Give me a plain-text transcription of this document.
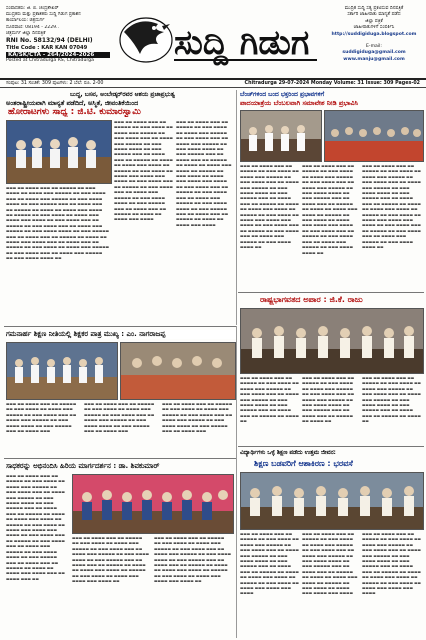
ಸಂಪಾದಕರು: ಜಿ. ಬಿ. ಚಂದ್ರಶೇಖರ್
ಮುದ್ರಕರು ಮತ್ತು ಪ್ರಕಾಶಕರು ಸುದ್ದಿ ಗಿಡುಗ ಪ್ರಕಾಶನ
ಕಾರ್ಯಾಲಯ: ಚಿತ್ರದುರ್ಗ
ದೂರವಾಣಿ: 08194 - 2229..
ಚಿತ್ರದುರ್ಗ ಜಿಲ್ಲಾ ದಿನಪತ್ರಿಕೆ
RNI No. 58132/94 (DELHI)
Title Code : KAR KAN 07049
KA/SK/CTA - 264/2024-2026
Posted at Chitradurga RS, Chitradurga	ಸುದ್ದಿ ಗಿಡುಗ
ಮುದ್ರಿತ ಸುದ್ದಿ ಸತ್ಯ ಪ್ರಕಟಿಸುವ ದಿನಪತ್ರಿಕೆ
ಸರ್ಕಾರಿ ಜಾಹೀರಾತು ಮಾನ್ಯತೆ ಪಡೆದ
ಜಿಲ್ಲಾ ಪತ್ರಿಕೆ
ಜಾಹೀರಾತುಗಳಿಗೆ ಸಂಪರ್ಕಿಸಿ
http://suddigiduga.blogspot.com
E-mail:
suddigiduga@gmail.com
www.manju@gmail.com
ಸಂಪುಟ: 31 ಸಂಚಿಕೆ: 309 ಪುಟಗಳು: 2 ಬೆಲೆ: ರೂ. 2-00	Chitradurga 29-07-2024 Monday Volume: 31 Issue: 309 Pages-02
ಬುದ್ಧ, ಬಸವ, ಅಂಬೇಡ್ಕರ್‌ರವರ ಆಶಯ ಪ್ರಜಾಪ್ರಭುತ್ವ
ಅಂತರಾಷ್ಟ್ರೀಯವಾಗಿ ಮಾನ್ಯತೆ ಪಡೆದಿದೆ, ಅಸ್ಮಿತೆ, ಜೀವಂತಿಕೆಯಿಂದ
ಹೋರಾಟಗಳು ಸಾಧ್ಯ : ಜಿ.ಟಿ. ಕುಮಾರಸ್ವಾಮಿ
▬▬▬ ▬▬ ▬▬▬▬ ▬▬▬ ▬▬ ▬▬▬▬▬ ▬▬ ▬▬▬ ▬▬▬▬ ▬▬ ▬▬▬▬ ▬▬▬ ▬▬▬▬▬ ▬▬ ▬▬▬ ▬▬▬▬ ▬▬▬ ▬▬ ▬▬▬▬ ▬▬▬ ▬▬▬▬▬ ▬▬ ▬▬▬ ▬▬▬▬ ▬▬▬▬ ▬▬ ▬▬▬ ▬▬▬▬▬ ▬▬▬ ▬▬ ▬▬▬▬ ▬▬▬ ▬▬ ▬▬▬▬▬ ▬▬ ▬▬▬▬ ▬▬ ▬▬▬▬ ▬▬▬ ▬▬▬▬ ▬▬ ▬▬▬▬▬ ▬▬ ▬▬▬ ▬▬▬▬ ▬▬ ▬▬▬▬ ▬▬▬ ▬▬▬▬ ▬▬▬ ▬▬▬▬ ▬▬ ▬▬▬ ▬▬▬▬ ▬▬▬ ▬▬ ▬▬▬▬▬ ▬▬ ▬▬▬ ▬▬▬▬ ▬▬▬ ▬▬ ▬▬▬▬ ▬▬▬ ▬▬▬▬▬ ▬▬ ▬▬▬ ▬▬▬▬ ▬▬▬▬ ▬▬ ▬▬▬ ▬▬▬▬▬ ▬▬▬ ▬▬ ▬▬▬▬ ▬▬▬ ▬▬ ▬▬▬▬▬ ▬▬ ▬▬▬▬ ▬▬ ▬▬▬▬ ▬▬▬ ▬▬▬▬
▬▬▬ ▬▬ ▬▬▬▬ ▬▬▬ ▬▬ ▬▬▬▬▬ ▬▬ ▬▬▬ ▬▬▬▬ ▬▬ ▬▬▬▬ ▬▬▬ ▬▬▬▬▬ ▬▬ ▬▬▬ ▬▬▬▬ ▬▬▬ ▬▬ ▬▬▬▬ ▬▬▬ ▬▬▬▬▬ ▬▬ ▬▬▬ ▬▬▬▬ ▬▬▬▬ ▬▬ ▬▬▬ ▬▬▬▬▬ ▬▬▬ ▬▬ ▬▬▬▬ ▬▬▬ ▬▬ ▬▬▬▬▬ ▬▬ ▬▬▬▬ ▬▬ ▬▬▬▬ ▬▬▬ ▬▬▬▬ ▬▬ ▬▬▬▬▬ ▬▬ ▬▬▬ ▬▬▬▬ ▬▬ ▬▬▬▬ ▬▬▬ ▬▬▬▬ ▬▬▬ ▬▬▬▬ ▬▬ ▬▬▬ ▬▬▬▬ ▬▬▬ ▬▬ ▬▬▬▬▬ ▬▬ ▬▬▬ ▬▬▬▬ ▬▬▬ ▬▬ ▬▬▬▬ ▬▬▬ ▬▬▬▬▬ ▬▬ ▬▬▬ ▬▬▬▬ ▬▬▬▬ ▬▬ ▬▬▬ ▬▬▬▬▬ ▬▬▬ ▬▬ ▬▬▬▬ ▬▬▬ ▬▬ ▬▬▬▬▬ ▬▬ ▬▬▬▬ ▬▬ ▬▬▬▬ ▬▬▬ ▬▬▬▬
▬▬▬ ▬▬ ▬▬▬▬ ▬▬▬ ▬▬ ▬▬▬▬▬ ▬▬ ▬▬▬ ▬▬▬▬ ▬▬ ▬▬▬▬ ▬▬▬ ▬▬▬▬▬ ▬▬ ▬▬▬ ▬▬▬▬ ▬▬▬ ▬▬ ▬▬▬▬ ▬▬▬ ▬▬▬▬▬ ▬▬ ▬▬▬ ▬▬▬▬ ▬▬▬▬ ▬▬ ▬▬▬ ▬▬▬▬▬ ▬▬▬ ▬▬ ▬▬▬▬ ▬▬▬ ▬▬ ▬▬▬▬▬ ▬▬ ▬▬▬▬ ▬▬ ▬▬▬▬ ▬▬▬ ▬▬▬▬ ▬▬ ▬▬▬▬▬ ▬▬ ▬▬▬ ▬▬▬▬ ▬▬ ▬▬▬▬ ▬▬▬ ▬▬▬▬ ▬▬▬ ▬▬▬▬ ▬▬ ▬▬▬ ▬▬▬▬ ▬▬▬ ▬▬ ▬▬▬▬▬ ▬▬ ▬▬▬ ▬▬▬▬ ▬▬▬ ▬▬ ▬▬▬▬ ▬▬▬ ▬▬▬▬▬ ▬▬ ▬▬▬ ▬▬▬▬ ▬▬▬▬ ▬▬ ▬▬▬ ▬▬▬▬▬ ▬▬▬ ▬▬ ▬▬▬▬ ▬▬▬ ▬▬ ▬▬▬▬▬ ▬▬ ▬▬▬▬ ▬▬ ▬▬▬▬ ▬▬▬ ▬▬▬▬ ▬▬▬ ▬▬ ▬▬▬▬ ▬▬▬ ▬▬ ▬▬▬▬▬ ▬▬ ▬▬▬ ▬▬▬▬ ▬▬ ▬▬▬▬ ▬▬▬ ▬▬▬▬▬ ▬▬ ▬▬▬ ▬▬▬▬ ▬▬▬ ▬▬ ▬▬▬▬ ▬▬▬ ▬▬▬▬▬ ▬▬ ▬▬▬ ▬▬▬▬ ▬▬▬▬ ▬▬
ಬೆಂಚ್‌ಗಳಿಂದ ಬಂದ ಭಕ್ತರಿಂದ ಪ್ರಭಾವಗಳಿಗೆ
ಪಾದಯಾತ್ರೆಯ ಬೆಂಬಲವಾಗಿ ಸಮಾವೇಶ ನೀಡಿ ಪ್ರಭಾವಿಸಿ
▬▬▬ ▬▬ ▬▬▬▬ ▬▬▬ ▬▬ ▬▬▬▬▬ ▬▬ ▬▬▬ ▬▬▬▬ ▬▬ ▬▬▬▬ ▬▬▬ ▬▬▬▬▬ ▬▬ ▬▬▬ ▬▬▬▬ ▬▬▬ ▬▬ ▬▬▬▬ ▬▬▬ ▬▬▬▬▬ ▬▬ ▬▬▬ ▬▬▬▬ ▬▬▬▬ ▬▬ ▬▬▬ ▬▬▬▬▬ ▬▬▬ ▬▬ ▬▬▬▬ ▬▬▬ ▬▬ ▬▬▬▬▬ ▬▬ ▬▬▬▬ ▬▬ ▬▬▬▬ ▬▬▬ ▬▬▬▬ ▬▬ ▬▬▬▬▬ ▬▬ ▬▬▬ ▬▬▬▬ ▬▬ ▬▬▬▬ ▬▬▬ ▬▬▬▬ ▬▬▬ ▬▬▬▬ ▬▬ ▬▬▬ ▬▬▬▬ ▬▬▬ ▬▬ ▬▬▬▬▬ ▬▬ ▬▬▬ ▬▬▬▬ ▬▬▬ ▬▬ ▬▬▬▬ ▬▬▬ ▬▬▬▬▬ ▬▬ ▬▬▬ ▬▬▬▬ ▬▬▬▬ ▬▬
▬▬▬ ▬▬ ▬▬▬▬ ▬▬▬ ▬▬ ▬▬▬▬▬ ▬▬ ▬▬▬ ▬▬▬▬ ▬▬ ▬▬▬▬ ▬▬▬ ▬▬▬▬▬ ▬▬ ▬▬▬ ▬▬▬▬ ▬▬▬ ▬▬ ▬▬▬▬ ▬▬▬ ▬▬▬▬▬ ▬▬ ▬▬▬ ▬▬▬▬ ▬▬▬▬ ▬▬ ▬▬▬ ▬▬▬▬▬ ▬▬▬ ▬▬ ▬▬▬▬ ▬▬▬ ▬▬ ▬▬▬▬▬ ▬▬ ▬▬▬▬ ▬▬ ▬▬▬▬ ▬▬▬ ▬▬▬▬ ▬▬ ▬▬▬▬▬ ▬▬ ▬▬▬ ▬▬▬▬ ▬▬ ▬▬▬▬ ▬▬▬ ▬▬▬▬ ▬▬▬ ▬▬▬▬ ▬▬ ▬▬▬ ▬▬▬▬ ▬▬▬ ▬▬ ▬▬▬▬▬ ▬▬ ▬▬▬ ▬▬▬▬ ▬▬▬ ▬▬ ▬▬▬▬ ▬▬▬ ▬▬▬▬▬ ▬▬ ▬▬▬ ▬▬▬▬ ▬▬▬▬ ▬▬
▬▬▬ ▬▬ ▬▬▬▬ ▬▬▬ ▬▬ ▬▬▬▬▬ ▬▬ ▬▬▬ ▬▬▬▬ ▬▬ ▬▬▬▬ ▬▬▬ ▬▬▬▬▬ ▬▬ ▬▬▬ ▬▬▬▬ ▬▬▬ ▬▬ ▬▬▬▬ ▬▬▬ ▬▬▬▬▬ ▬▬ ▬▬▬ ▬▬▬▬ ▬▬▬▬ ▬▬ ▬▬▬ ▬▬▬▬▬ ▬▬▬ ▬▬ ▬▬▬▬ ▬▬▬ ▬▬ ▬▬▬▬▬ ▬▬ ▬▬▬▬ ▬▬ ▬▬▬▬ ▬▬▬ ▬▬▬▬ ▬▬ ▬▬▬▬▬ ▬▬ ▬▬▬ ▬▬▬▬ ▬▬ ▬▬▬▬ ▬▬▬ ▬▬▬▬ ▬▬▬ ▬▬▬▬ ▬▬ ▬▬▬ ▬▬▬▬ ▬▬▬ ▬▬ ▬▬▬▬▬ ▬▬ ▬▬▬ ▬▬▬▬ ▬▬▬ ▬▬ ▬▬▬▬ ▬▬▬ ▬▬▬▬▬ ▬▬ ▬▬▬ ▬▬▬▬ ▬▬▬▬ ▬▬
ರಾಷ್ಟ್ರಭಾಗವತದ ಅಪಾರ : ಜಿ.ಕೆ. ರಾಜು
▬▬▬ ▬▬ ▬▬▬▬ ▬▬▬ ▬▬ ▬▬▬▬▬ ▬▬ ▬▬▬ ▬▬▬▬ ▬▬ ▬▬▬▬ ▬▬▬ ▬▬▬▬▬ ▬▬ ▬▬▬ ▬▬▬▬ ▬▬▬ ▬▬ ▬▬▬▬ ▬▬▬ ▬▬▬▬▬ ▬▬ ▬▬▬ ▬▬▬▬ ▬▬▬▬ ▬▬ ▬▬▬ ▬▬▬▬▬ ▬▬▬ ▬▬ ▬▬▬▬ ▬▬▬ ▬▬ ▬▬▬▬▬ ▬▬ ▬▬▬▬ ▬▬
▬▬▬ ▬▬ ▬▬▬▬ ▬▬▬ ▬▬ ▬▬▬▬▬ ▬▬ ▬▬▬ ▬▬▬▬ ▬▬ ▬▬▬▬ ▬▬▬ ▬▬▬▬▬ ▬▬ ▬▬▬ ▬▬▬▬ ▬▬▬ ▬▬ ▬▬▬▬ ▬▬▬ ▬▬▬▬▬ ▬▬ ▬▬▬ ▬▬▬▬ ▬▬▬▬ ▬▬ ▬▬▬ ▬▬▬▬▬ ▬▬▬ ▬▬ ▬▬▬▬ ▬▬▬ ▬▬ ▬▬▬▬▬ ▬▬ ▬▬▬▬ ▬▬
▬▬▬ ▬▬ ▬▬▬▬ ▬▬▬ ▬▬ ▬▬▬▬▬ ▬▬ ▬▬▬ ▬▬▬▬ ▬▬ ▬▬▬▬ ▬▬▬ ▬▬▬▬▬ ▬▬ ▬▬▬ ▬▬▬▬ ▬▬▬ ▬▬ ▬▬▬▬ ▬▬▬ ▬▬▬▬▬ ▬▬ ▬▬▬ ▬▬▬▬ ▬▬▬▬ ▬▬ ▬▬▬ ▬▬▬▬▬ ▬▬▬ ▬▬ ▬▬▬▬ ▬▬▬ ▬▬ ▬▬▬▬▬ ▬▬ ▬▬▬▬ ▬▬
ಗಮನಾರ್ಹ ಶಿಕ್ಷಣ ನೀತಿಯಲ್ಲಿ ಶಿಕ್ಷಕರ ಪಾತ್ರ ಮುಖ್ಯ : ಎಂ. ನಾಗರಾಜಪ್ಪ
▬▬▬ ▬▬ ▬▬▬▬ ▬▬▬ ▬▬ ▬▬▬▬▬ ▬▬ ▬▬▬ ▬▬▬▬ ▬▬ ▬▬▬▬ ▬▬▬ ▬▬▬▬▬ ▬▬ ▬▬▬ ▬▬▬▬ ▬▬▬ ▬▬ ▬▬▬▬ ▬▬▬ ▬▬▬▬▬ ▬▬ ▬▬▬ ▬▬▬▬ ▬▬▬▬ ▬▬ ▬▬▬ ▬▬▬▬▬ ▬▬▬ ▬▬ ▬▬▬▬ ▬▬▬
▬▬▬ ▬▬ ▬▬▬▬ ▬▬▬ ▬▬ ▬▬▬▬▬ ▬▬ ▬▬▬ ▬▬▬▬ ▬▬ ▬▬▬▬ ▬▬▬ ▬▬▬▬▬ ▬▬ ▬▬▬ ▬▬▬▬ ▬▬▬ ▬▬ ▬▬▬▬ ▬▬▬ ▬▬▬▬▬ ▬▬ ▬▬▬ ▬▬▬▬ ▬▬▬▬ ▬▬ ▬▬▬ ▬▬▬▬▬ ▬▬▬ ▬▬ ▬▬▬▬ ▬▬▬
▬▬▬ ▬▬ ▬▬▬▬ ▬▬▬ ▬▬ ▬▬▬▬▬ ▬▬ ▬▬▬ ▬▬▬▬ ▬▬ ▬▬▬▬ ▬▬▬ ▬▬▬▬▬ ▬▬ ▬▬▬ ▬▬▬▬ ▬▬▬ ▬▬ ▬▬▬▬ ▬▬▬ ▬▬▬▬▬ ▬▬ ▬▬▬ ▬▬▬▬ ▬▬▬▬ ▬▬ ▬▬▬ ▬▬▬▬▬ ▬▬▬ ▬▬ ▬▬▬▬ ▬▬▬
ಸಾಧಕರನ್ನು ಅಭಿನಂದಿಸಿ ಹಿರಿಯ ಮಾರ್ಗದರ್ಶನ : ಡಾ. ಶಿವಕುಮಾರ್
▬▬▬ ▬▬ ▬▬▬▬ ▬▬▬ ▬▬ ▬▬▬▬▬ ▬▬ ▬▬▬ ▬▬▬▬ ▬▬ ▬▬▬▬ ▬▬▬ ▬▬▬▬▬ ▬▬ ▬▬▬ ▬▬▬▬ ▬▬▬ ▬▬ ▬▬▬▬ ▬▬▬ ▬▬▬▬▬ ▬▬ ▬▬▬ ▬▬▬▬ ▬▬▬▬ ▬▬ ▬▬▬ ▬▬▬▬▬ ▬▬▬ ▬▬ ▬▬▬▬ ▬▬▬ ▬▬ ▬▬▬▬▬ ▬▬ ▬▬▬▬ ▬▬ ▬▬▬▬ ▬▬▬ ▬▬▬▬ ▬▬ ▬▬▬▬▬ ▬▬ ▬▬▬ ▬▬▬▬ ▬▬ ▬▬▬▬ ▬▬▬ ▬▬▬▬ ▬▬▬ ▬▬▬▬ ▬▬ ▬▬▬ ▬▬▬▬ ▬▬▬ ▬▬ ▬▬▬▬▬ ▬▬ ▬▬▬ ▬▬▬▬ ▬▬▬ ▬▬ ▬▬▬▬ ▬▬▬ ▬▬▬▬▬ ▬▬ ▬▬▬ ▬▬▬▬ ▬▬▬▬ ▬▬ ▬▬▬ ▬▬▬▬▬ ▬▬▬ ▬▬ ▬▬▬▬ ▬▬▬ ▬▬ ▬▬▬▬▬ ▬▬ ▬▬▬▬ ▬▬ ▬▬▬▬ ▬▬▬ ▬▬▬▬ ▬▬▬ ▬▬ ▬▬▬▬ ▬▬▬ ▬▬
▬▬▬ ▬▬ ▬▬▬▬ ▬▬▬ ▬▬ ▬▬▬▬▬ ▬▬ ▬▬▬ ▬▬▬▬ ▬▬ ▬▬▬▬ ▬▬▬ ▬▬▬▬▬ ▬▬ ▬▬▬ ▬▬▬▬ ▬▬▬ ▬▬ ▬▬▬▬ ▬▬▬ ▬▬▬▬▬ ▬▬ ▬▬▬ ▬▬▬▬ ▬▬▬▬ ▬▬ ▬▬▬ ▬▬▬▬▬ ▬▬▬ ▬▬ ▬▬▬▬ ▬▬▬ ▬▬ ▬▬▬▬▬ ▬▬ ▬▬▬▬ ▬▬ ▬▬▬▬ ▬▬▬ ▬▬▬▬ ▬▬ ▬▬▬▬▬ ▬▬ ▬▬▬ ▬▬▬▬ ▬▬ ▬▬▬▬ ▬▬▬ ▬▬▬▬ ▬▬▬ ▬▬▬▬ ▬▬
▬▬▬ ▬▬ ▬▬▬▬ ▬▬▬ ▬▬ ▬▬▬▬▬ ▬▬ ▬▬▬ ▬▬▬▬ ▬▬ ▬▬▬▬ ▬▬▬ ▬▬▬▬▬ ▬▬ ▬▬▬ ▬▬▬▬ ▬▬▬ ▬▬ ▬▬▬▬ ▬▬▬ ▬▬▬▬▬ ▬▬ ▬▬▬ ▬▬▬▬ ▬▬▬▬ ▬▬ ▬▬▬ ▬▬▬▬▬ ▬▬▬ ▬▬ ▬▬▬▬ ▬▬▬ ▬▬ ▬▬▬▬▬ ▬▬ ▬▬▬▬ ▬▬ ▬▬▬▬ ▬▬▬ ▬▬▬▬ ▬▬ ▬▬▬▬▬ ▬▬ ▬▬▬ ▬▬▬▬ ▬▬ ▬▬▬▬ ▬▬▬ ▬▬▬▬ ▬▬▬ ▬▬▬▬ ▬▬
ವಿದ್ಯಾರ್ಥಿಗಳು ಒಳ್ಳೆ ಶಿಕ್ಷಣ ಪಡೆದು ಉತ್ತಮ ಜೀವನ:
ಶಿಕ್ಷಣ ಬಡವರಿಗೆ ಆಶಾಕಿರಣ : ಭರವಸೆ
▬▬▬ ▬▬ ▬▬▬▬ ▬▬▬ ▬▬ ▬▬▬▬▬ ▬▬ ▬▬▬ ▬▬▬▬ ▬▬ ▬▬▬▬ ▬▬▬ ▬▬▬▬▬ ▬▬ ▬▬▬ ▬▬▬▬ ▬▬▬ ▬▬ ▬▬▬▬ ▬▬▬ ▬▬▬▬▬ ▬▬ ▬▬▬ ▬▬▬▬ ▬▬▬▬ ▬▬ ▬▬▬ ▬▬▬▬▬ ▬▬▬ ▬▬ ▬▬▬▬ ▬▬▬ ▬▬ ▬▬▬▬▬ ▬▬ ▬▬▬▬ ▬▬ ▬▬▬▬ ▬▬▬ ▬▬▬▬ ▬▬ ▬▬▬▬▬ ▬▬ ▬▬▬ ▬▬▬▬ ▬▬ ▬▬▬▬ ▬▬▬ ▬▬▬▬ ▬▬▬ ▬▬▬▬
▬▬▬ ▬▬ ▬▬▬▬ ▬▬▬ ▬▬ ▬▬▬▬▬ ▬▬ ▬▬▬ ▬▬▬▬ ▬▬ ▬▬▬▬ ▬▬▬ ▬▬▬▬▬ ▬▬ ▬▬▬ ▬▬▬▬ ▬▬▬ ▬▬ ▬▬▬▬ ▬▬▬ ▬▬▬▬▬ ▬▬ ▬▬▬ ▬▬▬▬ ▬▬▬▬ ▬▬ ▬▬▬ ▬▬▬▬▬ ▬▬▬ ▬▬ ▬▬▬▬ ▬▬▬ ▬▬ ▬▬▬▬▬ ▬▬ ▬▬▬▬ ▬▬ ▬▬▬▬ ▬▬▬ ▬▬▬▬ ▬▬ ▬▬▬▬▬ ▬▬ ▬▬▬ ▬▬▬▬ ▬▬ ▬▬▬▬ ▬▬▬ ▬▬▬▬ ▬▬▬ ▬▬▬▬
▬▬▬ ▬▬ ▬▬▬▬ ▬▬▬ ▬▬ ▬▬▬▬▬ ▬▬ ▬▬▬ ▬▬▬▬ ▬▬ ▬▬▬▬ ▬▬▬ ▬▬▬▬▬ ▬▬ ▬▬▬ ▬▬▬▬ ▬▬▬ ▬▬ ▬▬▬▬ ▬▬▬ ▬▬▬▬▬ ▬▬ ▬▬▬ ▬▬▬▬ ▬▬▬▬ ▬▬ ▬▬▬ ▬▬▬▬▬ ▬▬▬ ▬▬ ▬▬▬▬ ▬▬▬ ▬▬ ▬▬▬▬▬ ▬▬ ▬▬▬▬ ▬▬ ▬▬▬▬ ▬▬▬ ▬▬▬▬ ▬▬ ▬▬▬▬▬ ▬▬ ▬▬▬ ▬▬▬▬ ▬▬ ▬▬▬▬ ▬▬▬ ▬▬▬▬ ▬▬▬ ▬▬▬▬
